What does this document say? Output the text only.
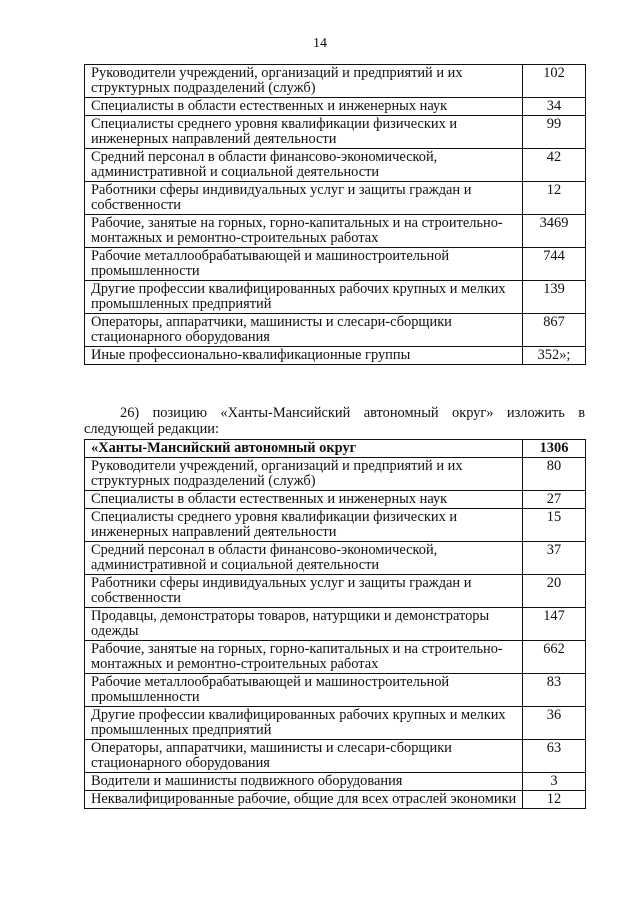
14
Руководители учреждений, организаций и предприятий и их структурных подразделений (служб)	102
Специалисты в области естественных и инженерных наук	34
Специалисты среднего уровня квалификации физических и инженерных направлений деятельности	99
Средний персонал в области финансово-экономической, административной и социальной деятельности	42
Работники сферы индивидуальных услуг и защиты граждан и собственности	12
Рабочие, занятые на горных, горно-капитальных и на строительно-монтажных и ремонтно-строительных работах	3469
Рабочие металлообрабатывающей и машиностроительной промышленности	744
Другие профессии квалифицированных рабочих крупных и мелких промышленных предприятий	139
Операторы, аппаратчики, машинисты и слесари-сборщики стационарного оборудования	867
Иные профессионально-квалификационные группы	352»;
26) позицию «Ханты-Мансийский автономный округ» изложить в следующей редакции:
«Ханты-Мансийский автономный округ	1306
Руководители учреждений, организаций и предприятий и их структурных подразделений (служб)	80
Специалисты в области естественных и инженерных наук	27
Специалисты среднего уровня квалификации физических и инженерных направлений деятельности	15
Средний персонал в области финансово-экономической, административной и социальной деятельности	37
Работники сферы индивидуальных услуг и защиты граждан и собственности	20
Продавцы, демонстраторы товаров, натурщики и демонстраторы одежды	147
Рабочие, занятые на горных, горно-капитальных и на строительно-монтажных и ремонтно-строительных работах	662
Рабочие металлообрабатывающей и машиностроительной промышленности	83
Другие профессии квалифицированных рабочих крупных и мелких промышленных предприятий	36
Операторы, аппаратчики, машинисты и слесари-сборщики стационарного оборудования	63
Водители и машинисты подвижного оборудования	3
Неквалифицированные рабочие, общие для всех отраслей экономики	12
